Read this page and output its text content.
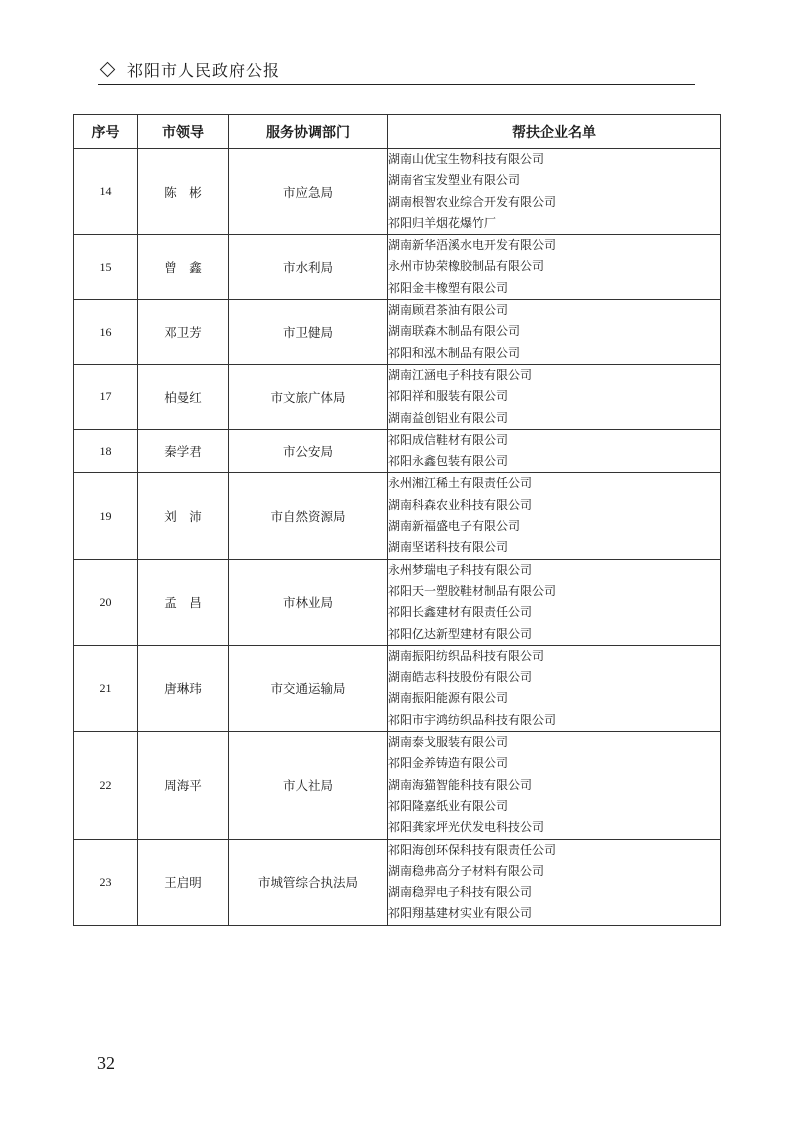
祁阳市人民政府公报
序号	市领导	服务协调部门	帮扶企业名单
14	陈　彬	市应急局	湖南山优宝生物科技有限公司
湖南省宝发塑业有限公司
湖南根智农业综合开发有限公司
祁阳归羊烟花爆竹厂

15	曾　鑫	市水利局	湖南新华浯溪水电开发有限公司
永州市协荣橡胶制品有限公司
祁阳金丰橡塑有限公司

16	邓卫芳	市卫健局	湖南顾君茶油有限公司
湖南联森木制品有限公司
祁阳和泓木制品有限公司

17	柏曼红	市文旅广体局	湖南江涵电子科技有限公司
祁阳祥和服装有限公司
湖南益创铝业有限公司

18	秦学君	市公安局	祁阳成信鞋材有限公司
祁阳永鑫包装有限公司

19	刘　沛	市自然资源局	永州湘江稀土有限责任公司
湖南科森农业科技有限公司
湖南新福盛电子有限公司
湖南坚诺科技有限公司

20	孟　昌	市林业局	永州梦瑞电子科技有限公司
祁阳天一塑胶鞋材制品有限公司
祁阳长鑫建材有限责任公司
祁阳亿达新型建材有限公司

21	唐琳玮	市交通运输局	湖南振阳纺织品科技有限公司
湖南皓志科技股份有限公司
湖南振阳能源有限公司
祁阳市宇鸿纺织品科技有限公司

22	周海平	市人社局	湖南泰戈服装有限公司
祁阳金养铸造有限公司
湖南海猫智能科技有限公司
祁阳隆嘉纸业有限公司
祁阳龚家坪光伏发电科技公司

23	王启明	市城管综合执法局	祁阳海创环保科技有限责任公司
湖南稳弗高分子材料有限公司
湖南稳羿电子科技有限公司
祁阳翔基建材实业有限公司
32
